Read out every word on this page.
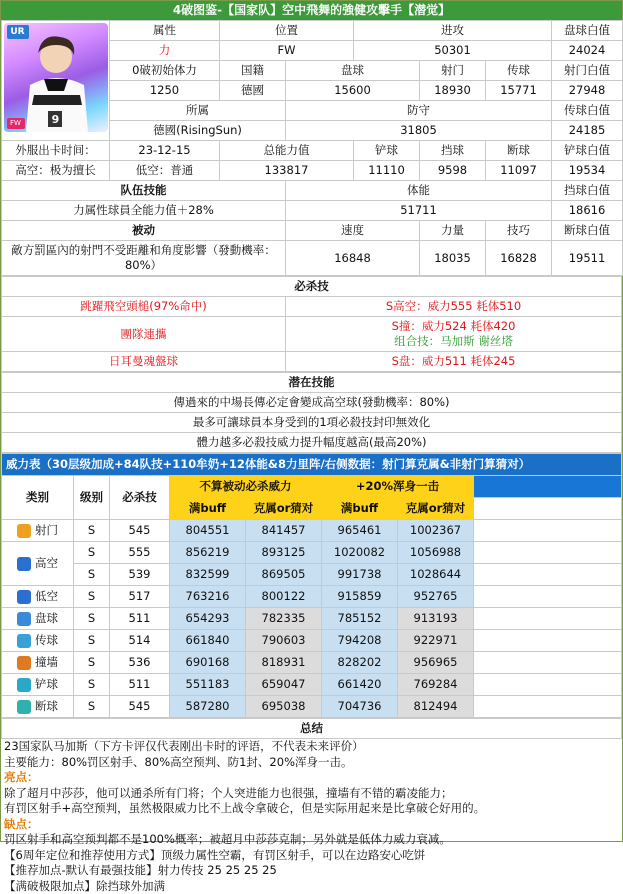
4破图鉴-【国家队】空中飛舞的強健攻擊手【潜觉】
UR
FW 9	属性	位置		进攻			盘球白值
	力	FW		50301			24024
	0破初始体力	国籍	盘球		射门	传球	射门白值
	1250	德國	15600		18930	15771	27948
	所属		防守				传球白值
	德國(RisingSun)		31805				24185
外服出卡时间：	23-12-15	总能力值		铲球	挡球	断球	铲球白值
高空：极为擅长	低空：普通	133817		11110	9598	11097	19534
队伍技能			体能				挡球白值
力属性球員全能力值＋28%			51711				18616
被动			速度		力量	技巧	断球白值
敵方罰區內的射門不受距離和角度影響（發動機率：80%）			16848		18035	16828	19511
必杀技	
跳躍飛空頭槌(97%命中)	S高空：威力555 耗体510
團隊連攜	S撞：威力524 耗体420
组合技：马加斯 谢丝塔

日耳曼魂盤球	S盘：威力511 耗体245
潜在技能
傳過來的中場長傳必定會變成高空球(發動機率：80%)
最多可讓球員本身受到的1項必殺技封印無效化
體力越多必殺技威力提升幅度越高(最高20%)
威力表（30层级加成+84队技+110牟奶+12体能&8力里阵/右侧数据：射门算克属&非射门算猜对）							
类别	级别	必杀技	不算被动必杀威力		+20%浑身一击		
			满buff	克属or猜对	满buff	克属or猜对	
射门	S	545	804551	841457	965461	1002367	
高空	S	555	856219	893125	1020082	1056988	
	S	539	832599	869505	991738	1028644	
低空	S	517	763216	800122	915859	952765	
盘球	S	511	654293	782335	785152	913193	
传球	S	514	661840	790603	794208	922971	
撞墙	S	536	690168	818931	828202	956965	
铲球	S	511	551183	659047	661420	769284	
断球	S	545	587280	695038	704736	812494	
总结

23国家队马加斯（下方卡评仅代表刚出卡时的评语，不代表未来评价）

主要能力：80%罚区射手、80%高空预判、防1封、20%浑身一击。

亮点：

除了超月中莎莎，他可以通杀所有门将；个人突进能力也很强，撞墙有不错的霸凌能力；

有罚区射手+高空预判，虽然极限威力比不上战令拿破仑，但是实际用起来是比拿破仑好用的。

缺点：

罚区射手和高空预判都不是100%概率；被超月中莎莎克制；另外就是低体力威力衰减。

【6周年定位和推荐使用方式】顶级力属性空霸，有罚区射手，可以在边路安心吃饼

【推荐加点-默认有最强技能】射力传技 25 25 25 25

【满破极限加点】除挡球外加满
